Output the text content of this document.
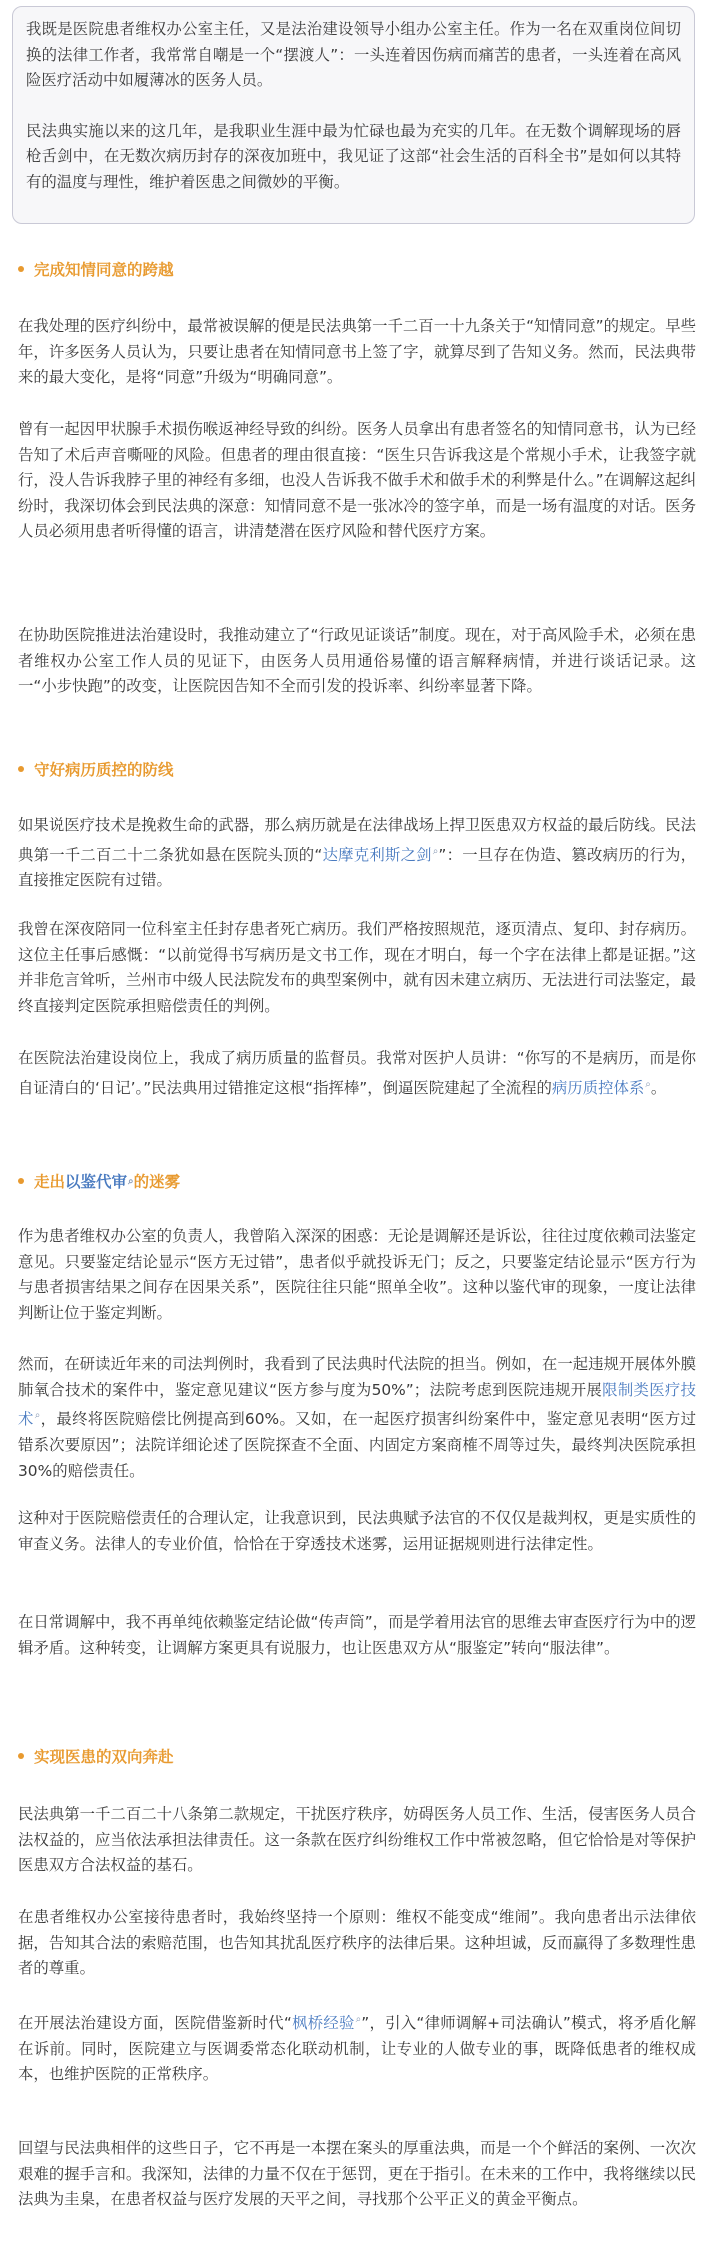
我既是医院患者维权办公室主任，又是法治建设领导小组办公室主任。作为一名在双重岗位间切换的法律工作者，我常常自嘲是一个“摆渡人”：一头连着因伤病而痛苦的患者，一头连着在高风险医疗活动中如履薄冰的医务人员。

民法典实施以来的这几年，是我职业生涯中最为忙碌也最为充实的几年。在无数个调解现场的唇枪舌剑中，在无数次病历封存的深夜加班中，我见证了这部“社会生活的百科全书”是如何以其特有的温度与理性，维护着医患之间微妙的平衡。

完成知情同意的跨越

在我处理的医疗纠纷中，最常被误解的便是民法典第一千二百一十九条关于“知情同意”的规定。早些年，许多医务人员认为，只要让患者在知情同意书上签了字，就算尽到了告知义务。然而，民法典带来的最大变化，是将“同意”升级为“明确同意”。

曾有一起因甲状腺手术损伤喉返神经导致的纠纷。医务人员拿出有患者签名的知情同意书，认为已经告知了术后声音嘶哑的风险。但患者的理由很直接：“医生只告诉我这是个常规小手术，让我签字就行，没人告诉我脖子里的神经有多细，也没人告诉我不做手术和做手术的利弊是什么。”在调解这起纠纷时，我深切体会到民法典的深意：知情同意不是一张冰冷的签字单，而是一场有温度的对话。医务人员必须用患者听得懂的语言，讲清楚潜在医疗风险和替代医疗方案。

在协助医院推进法治建设时，我推动建立了“行政见证谈话”制度。现在，对于高风险手术，必须在患者维权办公室工作人员的见证下，由医务人员用通俗易懂的语言解释病情，并进行谈话记录。这一“小步快跑”的改变，让医院因告知不全而引发的投诉率、纠纷率显著下降。

守好病历质控的防线

如果说医疗技术是挽救生命的武器，那么病历就是在法律战场上捍卫医患双方权益的最后防线。民法典第一千二百二十二条犹如悬在医院头顶的“达摩克利斯之剑⌕”：一旦存在伪造、篡改病历的行为，直接推定医院有过错。

我曾在深夜陪同一位科室主任封存患者死亡病历。我们严格按照规范，逐页清点、复印、封存病历。这位主任事后感慨：“以前觉得书写病历是文书工作，现在才明白，每一个字在法律上都是证据。”这并非危言耸听，兰州市中级人民法院发布的典型案例中，就有因未建立病历、无法进行司法鉴定，最终直接判定医院承担赔偿责任的判例。

在医院法治建设岗位上，我成了病历质量的监督员。我常对医护人员讲：“你写的不是病历，而是你自证清白的‘日记’。”民法典用过错推定这根“指挥棒”，倒逼医院建起了全流程的病历质控体系⌕。

走出 以鉴代审 ⌕ 的迷雾

作为患者维权办公室的负责人，我曾陷入深深的困惑：无论是调解还是诉讼，往往过度依赖司法鉴定意见。只要鉴定结论显示“医方无过错”，患者似乎就投诉无门；反之，只要鉴定结论显示“医方行为与患者损害结果之间存在因果关系”，医院往往只能“照单全收”。这种以鉴代审的现象，一度让法律判断让位于鉴定判断。

然而，在研读近年来的司法判例时，我看到了民法典时代法院的担当。例如，在一起违规开展体外膜肺氧合技术的案件中，鉴定意见建议“医方参与度为50%”；法院考虑到医院违规开展限制类医疗技术⌕，最终将医院赔偿比例提高到60%。又如，在一起医疗损害纠纷案件中，鉴定意见表明“医方过错系次要原因”；法院详细论述了医院探查不全面、内固定方案商榷不周等过失，最终判决医院承担30%的赔偿责任。

这种对于医院赔偿责任的合理认定，让我意识到，民法典赋予法官的不仅仅是裁判权，更是实质性的审查义务。法律人的专业价值，恰恰在于穿透技术迷雾，运用证据规则进行法律定性。

在日常调解中，我不再单纯依赖鉴定结论做“传声筒”，而是学着用法官的思维去审查医疗行为中的逻辑矛盾。这种转变，让调解方案更具有说服力，也让医患双方从“服鉴定”转向“服法律”。

实现医患的双向奔赴

民法典第一千二百二十八条第二款规定，干扰医疗秩序，妨碍医务人员工作、生活，侵害医务人员合法权益的，应当依法承担法律责任。这一条款在医疗纠纷维权工作中常被忽略，但它恰恰是对等保护医患双方合法权益的基石。

在患者维权办公室接待患者时，我始终坚持一个原则：维权不能变成“维闹”。我向患者出示法律依据，告知其合法的索赔范围，也告知其扰乱医疗秩序的法律后果。这种坦诚，反而赢得了多数理性患者的尊重。

在开展法治建设方面，医院借鉴新时代“枫桥经验⌕”，引入“律师调解+司法确认”模式，将矛盾化解在诉前。同时，医院建立与医调委常态化联动机制，让专业的人做专业的事，既降低患者的维权成本，也维护医院的正常秩序。

回望与民法典相伴的这些日子，它不再是一本摆在案头的厚重法典，而是一个个鲜活的案例、一次次艰难的握手言和。我深知，法律的力量不仅在于惩罚，更在于指引。在未来的工作中，我将继续以民法典为圭臬，在患者权益与医疗发展的天平之间，寻找那个公平正义的黄金平衡点。
